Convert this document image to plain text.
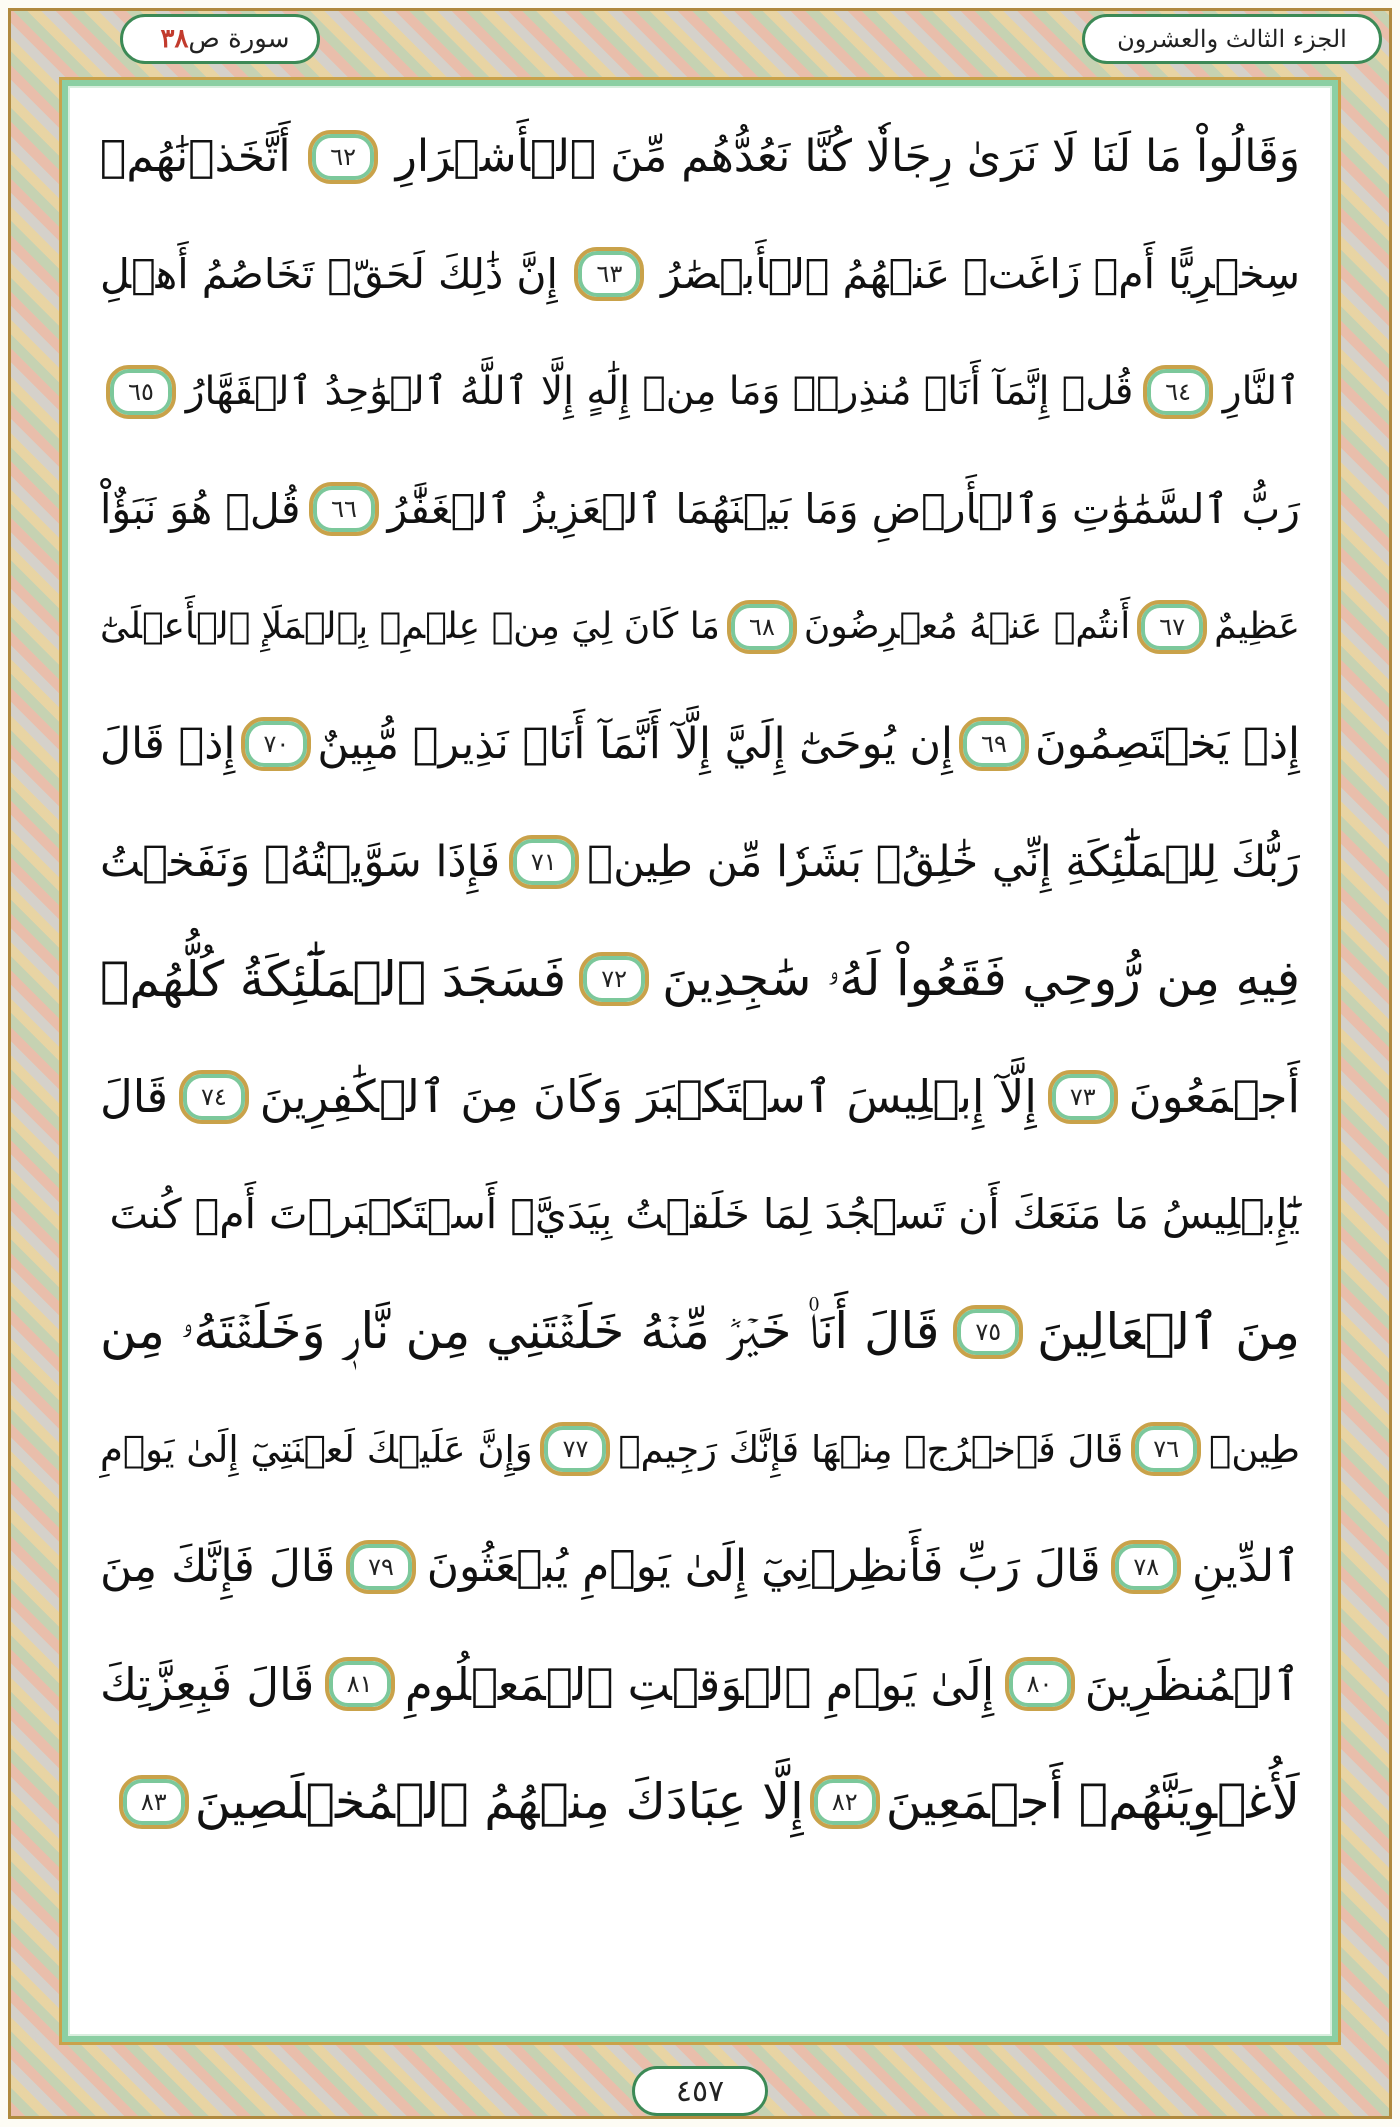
الجزء الثالث والعشرون
سورة ص
٣٨
وَقَالُواْ مَا لَنَا لَا نَرَىٰ رِجَالٗا كُنَّا نَعُدُّهُم مِّنَ ٱلۡأَشۡرَارِ
٦٢
أَتَّخَذۡنَٰهُمۡ
سِخۡرِيًّا أَمۡ زَاغَتۡ عَنۡهُمُ ٱلۡأَبۡصَٰرُ
٦٣
إِنَّ ذَٰلِكَ لَحَقّٞ تَخَاصُمُ أَهۡلِ
ٱلنَّارِ
٦٤
قُلۡ إِنَّمَآ أَنَا۠ مُنذِرٞۖ وَمَا مِنۡ إِلَٰهٍ إِلَّا ٱللَّهُ ٱلۡوَٰحِدُ ٱلۡقَهَّارُ
٦٥
رَبُّ ٱلسَّمَٰوَٰتِ وَٱلۡأَرۡضِ وَمَا بَيۡنَهُمَا ٱلۡعَزِيزُ ٱلۡغَفَّٰرُ
٦٦
قُلۡ هُوَ نَبَؤٌاْ
عَظِيمٌ
٦٧
أَنتُمۡ عَنۡهُ مُعۡرِضُونَ
٦٨
مَا كَانَ لِيَ مِنۡ عِلۡمِۭ بِٱلۡمَلَإِ ٱلۡأَعۡلَىٰٓ
إِذۡ يَخۡتَصِمُونَ
٦٩
إِن يُوحَىٰٓ إِلَيَّ إِلَّآ أَنَّمَآ أَنَا۠ نَذِيرٞ مُّبِينٌ
٧٠
إِذۡ قَالَ
رَبُّكَ لِلۡمَلَٰٓئِكَةِ إِنِّي خَٰلِقُۢ بَشَرٗا مِّن طِينٖ
٧١
فَإِذَا سَوَّيۡتُهُۥ وَنَفَخۡتُ
فِيهِ مِن رُّوحِي فَقَعُواْ لَهُۥ سَٰجِدِينَ
٧٢
فَسَجَدَ ٱلۡمَلَٰٓئِكَةُ كُلُّهُمۡ
أَجۡمَعُونَ
٧٣
إِلَّآ إِبۡلِيسَ ٱسۡتَكۡبَرَ وَكَانَ مِنَ ٱلۡكَٰفِرِينَ
٧٤
قَالَ
يَٰٓإِبۡلِيسُ مَا مَنَعَكَ أَن تَسۡجُدَ لِمَا خَلَقۡتُ بِيَدَيَّۖ أَسۡتَكۡبَرۡتَ أَمۡ كُنتَ
مِنَ ٱلۡعَالِينَ
٧٥
قَالَ أَنَا۠ خَيۡرٞ مِّنۡهُ خَلَقۡتَنِي مِن نَّارٖ وَخَلَقۡتَهُۥ مِن
طِينٖ
٧٦
قَالَ فَٱخۡرُجۡ مِنۡهَا فَإِنَّكَ رَجِيمٞ
٧٧
وَإِنَّ عَلَيۡكَ لَعۡنَتِيٓ إِلَىٰ يَوۡمِ
ٱلدِّينِ
٧٨
قَالَ رَبِّ فَأَنظِرۡنِيٓ إِلَىٰ يَوۡمِ يُبۡعَثُونَ
٧٩
قَالَ فَإِنَّكَ مِنَ
ٱلۡمُنظَرِينَ
٨٠
إِلَىٰ يَوۡمِ ٱلۡوَقۡتِ ٱلۡمَعۡلُومِ
٨١
قَالَ فَبِعِزَّتِكَ
لَأُغۡوِيَنَّهُمۡ أَجۡمَعِينَ
٨٢
إِلَّا عِبَادَكَ مِنۡهُمُ ٱلۡمُخۡلَصِينَ
٨٣
٤٥٧
